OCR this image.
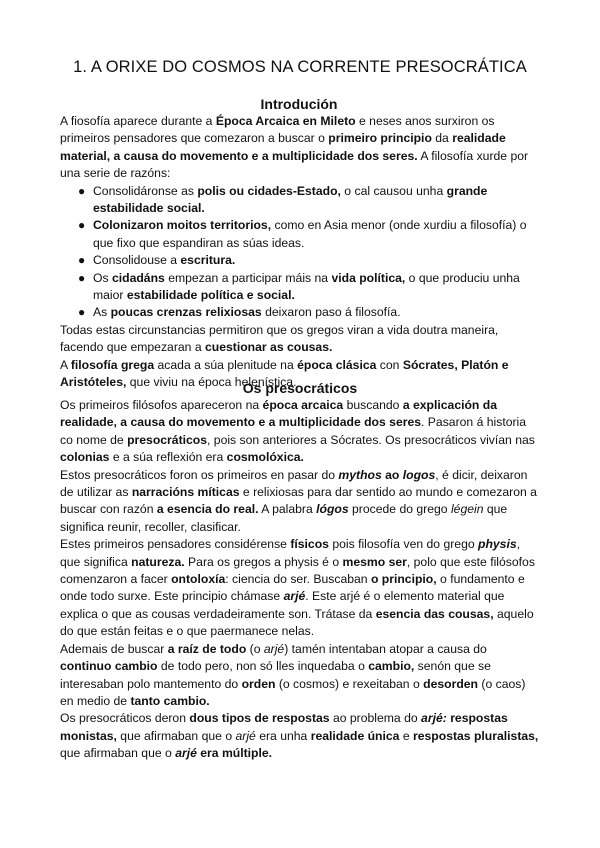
1. A ORIXE DO COSMOS NA CORRENTE PRESOCRÁTICA
Introdución

A fiosofía aparece durante a Época Arcaica en Mileto e neses anos surxiron os primeiros pensadores que comezaron a buscar o primeiro principio da realidade material, a causa do movemento e a multiplicidade dos seres. A filosofía xurde por una serie de razóns:

● Consolidáronse as polis ou cidades-Estado, o cal causou unha grande estabilidade social.
● Colonizaron moitos territorios, como en Asia menor (onde xurdiu a filosofía) o que fixo que espandiran as súas ideas.
● Consolidouse a escritura.
● Os cidadáns empezan a participar máis na vida política, o que produciu unha maior estabilidade política e social.
● As poucas crenzas relixiosas deixaron paso á filosofía.

Todas estas circunstancias permitiron que os gregos viran a vida doutra maneira, facendo que empezaran a cuestionar as cousas.

A filosofía grega acada a súa plenitude na época clásica con Sócrates, Platón e Aristóteles, que viviu na época helenística.

Os presocráticos

Os primeiros filósofos apareceron na época arcaica buscando a explicación da realidade, a causa do movemento e a multiplicidade dos seres. Pasaron á historia co nome de presocráticos, pois son anteriores a Sócrates. Os presocráticos vivían nas colonias e a súa reflexión era cosmolóxica.

Estos presocráticos foron os primeiros en pasar do mythos ao logos, é dicir, deixaron de utilizar as narracións míticas e relixiosas para dar sentido ao mundo e comezaron a buscar con razón a esencia do real. A palabra lógos procede do grego légein que significa reunir, recoller, clasificar.

Estes primeiros pensadores considérense físicos pois filosofía ven do grego physis, que significa natureza. Para os gregos a physis é o mesmo ser, polo que este filósofos comenzaron a facer ontoloxía: ciencia do ser. Buscaban o principio, o fundamento e onde todo surxe. Este principio chámase arjé. Este arjé é o elemento material que explica o que as cousas verdadeiramente son. Trátase da esencia das cousas, aquelo do que están feitas e o que paermanece nelas.

Ademais de buscar a raíz de todo (o arjé) tamén intentaban atopar a causa do continuo cambio de todo pero, non só lles inquedaba o cambio, senón que se interesaban polo mantemento do orden (o cosmos) e rexeitaban o desorden (o caos) en medio de tanto cambio.

Os presocráticos deron dous tipos de respostas ao problema do arjé: respostas monistas, que afirmaban que o arjé era unha realidade única e respostas pluralistas, que afirmaban que o arjé era múltiple.
